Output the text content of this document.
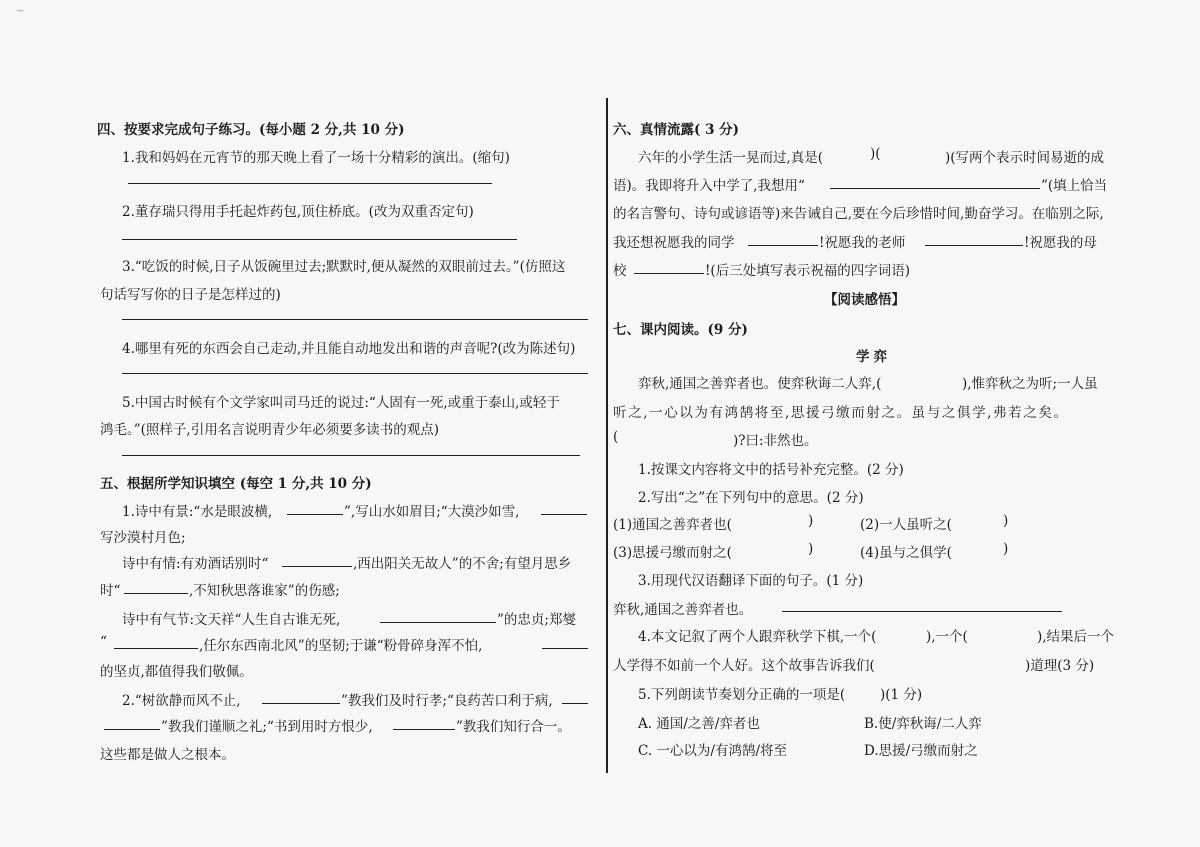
~
四、按要求完成句子练习。(每小题 2 分,共 10 分)
1.我和妈妈在元宵节的那天晚上看了一场十分精彩的演出。(缩句)
2.董存瑞只得用手托起炸药包,顶住桥底。(改为双重否定句)
3.“吃饭的时候,日子从饭碗里过去;默默时,便从凝然的双眼前过去。”(仿照这
句话写写你的日子是怎样过的)
4.哪里有死的东西会自己走动,并且能自动地发出和谐的声音呢?(改为陈述句)
5.中国古时候有个文学家叫司马迁的说过:“人固有一死,或重于泰山,或轻于
鸿毛。”(照样子,引用名言说明青少年必须要多读书的观点)
五、根据所学知识填空 (每空 1 分,共 10 分)
1.诗中有景:“水是眼波横,	”,写山水如眉目;“大漠沙如雪,
写沙漠村月色;
诗中有情:有劝酒话别时“	,西出阳关无故人”的不舍;有望月思乡
时“	,不知秋思落谁家”的伤感;
诗中有气节:文天祥“人生自古谁无死,	”的忠贞;郑燮
“	,任尔东西南北风”的坚韧;于谦“粉骨碎身浑不怕,
的坚贞,都值得我们敬佩。
2.“树欲静而风不止,	”教我们及时行孝;“良药苦口利于病,
”教我们谨顺之礼;“书到用时方恨少,	”教我们知行合一。
这些都是做人之根本。
六、真情流露( 3 分)
六年的小学生活一晃而过,真是(	)(	)(写两个表示时间易逝的成
语)。我即将升入中学了,我想用“	”(填上恰当
的名言警句、诗句或谚语等)来告诫自己,要在今后珍惜时间,勤奋学习。在临别之际,
我还想祝愿我的同学	!祝愿我的老师	!祝愿我的母
校	!(后三处填写表示祝福的四字词语)
【阅读感悟】
七、课内阅读。(9 分)
学弈
弈秋,通国之善弈者也。使弈秋诲二人弈,(	),惟弈秋之为听;一人虽
听之,一心以为有鸿鹄将至,思援弓缴而射之。虽与之俱学,弗若之矣。
(	)?曰:非然也。
1.按课文内容将文中的括号补充完整。(2 分)
2.写出“之”在下列句中的意思。(2 分)
(1)通国之善弈者也(	)	(2)一人虽听之(	)
(3)思援弓缴而射之(	)	(4)虽与之俱学(	)
3.用现代汉语翻译下面的句子。(1 分)
弈秋,通国之善弈者也。
4.本文记叙了两个人跟弈秋学下棋,一个(	),一个(	),结果后一个
人学得不如前一个人好。这个故事告诉我们(	)道理(3 分)
5.下列朗读节奏划分正确的一项是(	)(1 分)
A. 通国/之善/弈者也	B.使/弈秋诲/二人弈
C. 一心以为/有鸿鹄/将至	D.思援/弓缴而射之
